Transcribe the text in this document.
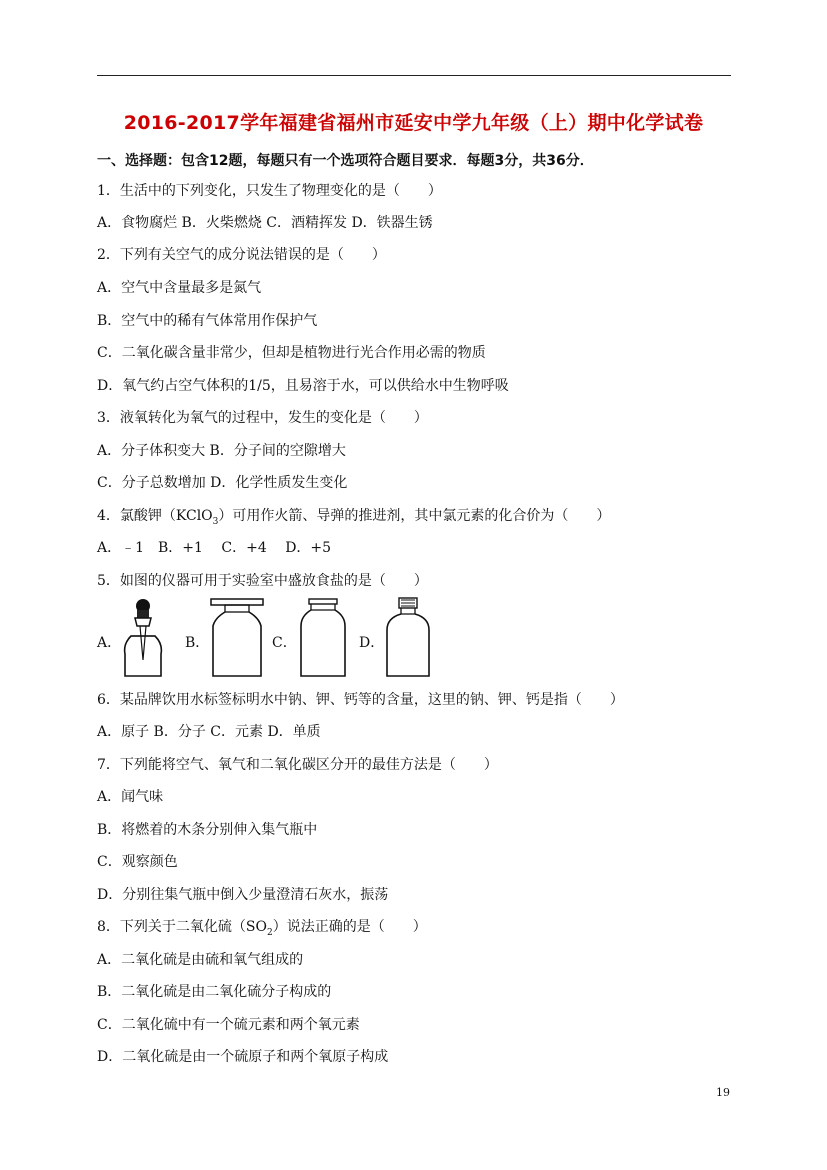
2016-2017学年福建省福州市延安中学九年级（上）期中化学试卷
一、选择题：包含12题，每题只有一个选项符合题目要求．每题3分，共36分．
1．生活中的下列变化，只发生了物理变化的是（　　）
A．食物腐烂 B．火柴燃烧 C．酒精挥发 D．铁器生锈
2．下列有关空气的成分说法错误的是（　　）
A．空气中含量最多是氮气
B．空气中的稀有气体常用作保护气
C．二氧化碳含量非常少，但却是植物进行光合作用必需的物质
D．氧气约占空气体积的1/5，且易溶于水，可以供给水中生物呼吸
3．液氧转化为氧气的过程中，发生的变化是（　　）
A．分子体积变大 B．分子间的空隙增大
C．分子总数增加 D．化学性质发生变化
4．氯酸钾（KClO$_3$）可用作火箭、导弹的推进剂，其中氯元素的化合价为（　　）
A．﹣1　B．+1　 C．+4　 D．+5
5．如图的仪器可用于实验室中盛放食盐的是（　　）
A．	B．	C．	D．
6．某品牌饮用水标签标明水中钠、钾、钙等的含量，这里的钠、钾、钙是指（　　）
A．原子 B．分子 C．元素 D．单质
7．下列能将空气、氧气和二氧化碳区分开的最佳方法是（　　）
A．闻气味
B．将燃着的木条分别伸入集气瓶中
C．观察颜色
D．分别往集气瓶中倒入少量澄清石灰水，振荡
8．下列关于二氧化硫$(SO_2)$说法正确的是（　　）
A．二氧化硫是由硫和氧气组成的
B．二氧化硫是由二氧化硫分子构成的
C．二氧化硫中有一个硫元素和两个氧元素
D．二氧化硫是由一个硫原子和两个氧原子构成
19
